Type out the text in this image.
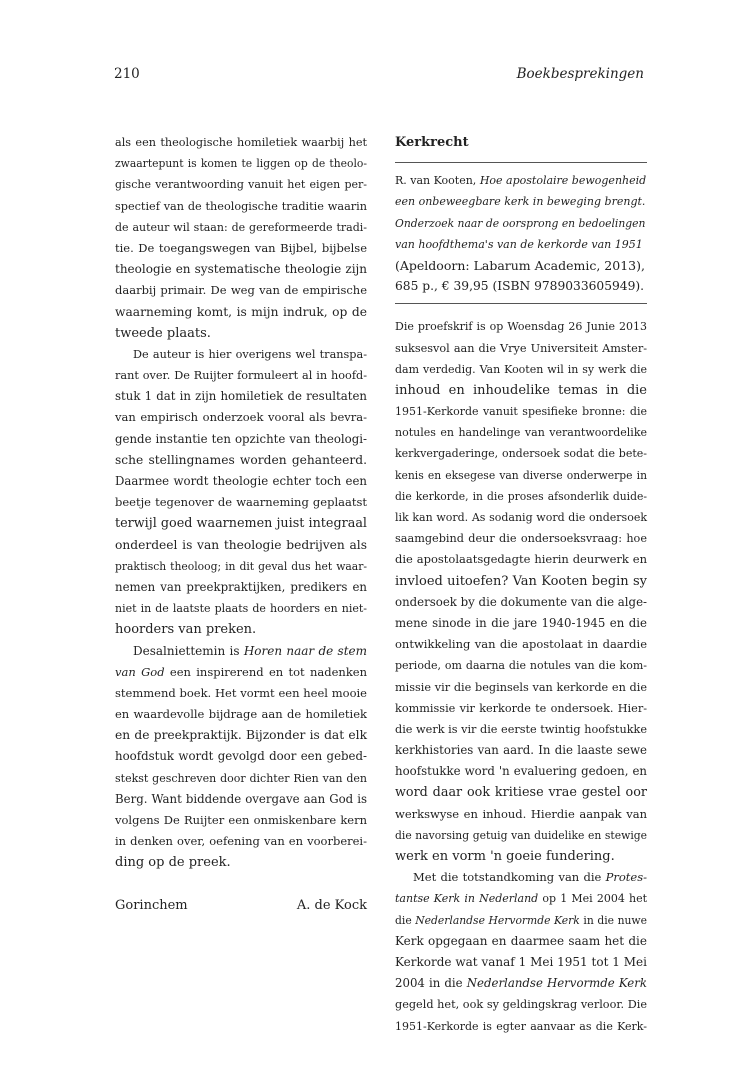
210	Boekbesprekingen
als een theologische homiletiek waarbij het
zwaartepunt is komen te liggen op de theolo-
gische verantwoording vanuit het eigen per-
spectief van de theologische traditie waarin
de auteur wil staan: de gereformeerde tradi-
tie. De toegangswegen van Bijbel, bijbelse
theologie en systematische theologie zijn
daarbij primair. De weg van de empirische
waarneming komt, is mijn indruk, op de
tweede plaats.
De auteur is hier overigens wel transpa-
rant over. De Ruijter formuleert al in hoofd-
stuk 1 dat in zijn homiletiek de resultaten
van empirisch onderzoek vooral als bevra-
gende instantie ten opzichte van theologi-
sche stellingnames worden gehanteerd.
Daarmee wordt theologie echter toch een
beetje tegenover de waarneming geplaatst
terwijl goed waarnemen juist integraal
onderdeel is van theologie bedrijven als
praktisch theoloog; in dit geval dus het waar-
nemen van preekpraktijken, predikers en
niet in de laatste plaats de hoorders en niet-
hoorders van preken.
Desalniettemin is Horen naar de stem
van God een inspirerend en tot nadenken
stemmend boek. Het vormt een heel mooie
en waardevolle bijdrage aan de homiletiek
en de preekpraktijk. Bijzonder is dat elk
hoofdstuk wordt gevolgd door een gebed-
stekst geschreven door dichter Rien van den
Berg. Want biddende overgave aan God is
volgens De Ruijter een onmiskenbare kern
in denken over, oefening van en voorberei-
ding op de preek.
Gorinchem	A. de Kock
Kerkrecht
R. van Kooten, Hoe apostolaire bewogenheid
een onbeweegbare kerk in beweging brengt.
Onderzoek naar de oorsprong en bedoelingen
van hoofdthema's van de kerkorde van 1951
(Apeldoorn: Labarum Academic, 2013),
685 p., € 39,95 (ISBN 9789033605949).
Die proefskrif is op Woensdag 26 Junie 2013
suksesvol aan die Vrye Universiteit Amster-
dam verdedig. Van Kooten wil in sy werk die
inhoud en inhoudelike temas in die
1951-Kerkorde vanuit spesifieke bronne: die
notules en handelinge van verantwoordelike
kerkvergaderinge, ondersoek sodat die bete-
kenis en eksegese van diverse onderwerpe in
die kerkorde, in die proses afsonderlik duide-
lik kan word. As sodanig word die ondersoek
saamgebind deur die ondersoeksvraag: hoe
die apostolaatsgedagte hierin deurwerk en
invloed uitoefen? Van Kooten begin sy
ondersoek by die dokumente van die alge-
mene sinode in die jare 1940-1945 en die
ontwikkeling van die apostolaat in daardie
periode, om daarna die notules van die kom-
missie vir die beginsels van kerkorde en die
kommissie vir kerkorde te ondersoek. Hier-
die werk is vir die eerste twintig hoofstukke
kerkhistories van aard. In die laaste sewe
hoofstukke word 'n evaluering gedoen, en
word daar ook kritiese vrae gestel oor
werkswyse en inhoud. Hierdie aanpak van
die navorsing getuig van duidelike en stewige
werk en vorm 'n goeie fundering.
Met die totstandkoming van die Protes-
tantse Kerk in Nederland op 1 Mei 2004 het
die Nederlandse Hervormde Kerk in die nuwe
Kerk opgegaan en daarmee saam het die
Kerkorde wat vanaf 1 Mei 1951 tot 1 Mei
2004 in die Nederlandse Hervormde Kerk
gegeld het, ook sy geldingskrag verloor. Die
1951-Kerkorde is egter aanvaar as die Kerk-
